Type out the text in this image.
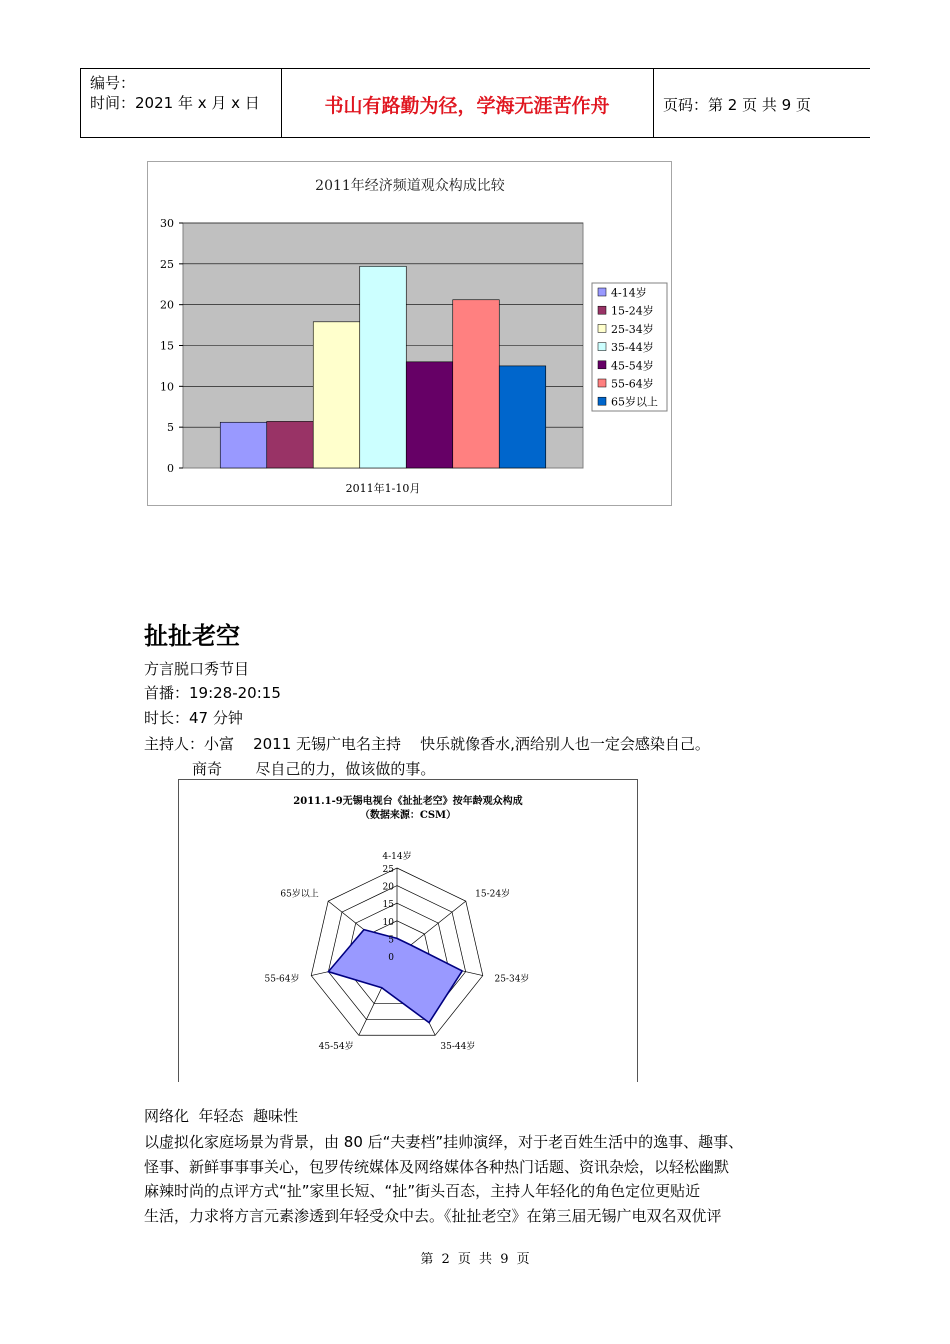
编号：
时间：2021 年 x 月 x 日	书山有路勤为径，学海无涯苦作舟	页码：第 2 页 共 9 页
2011年经济频道观众构成比较
0
5
10
15
20
25
30
2011年1-10月
4-14岁
15-24岁
25-34岁
35-44岁
45-54岁
55-64岁
65岁以上
2011.1-9无锡电视台《扯扯老空》按年龄观众构成
（数据来源：CSM）
0
5
10
15
20
25
4-14岁
15-24岁
25-34岁
35-44岁
45-54岁
55-64岁
65岁以上
扯扯老空
方言脱口秀节目
首播：19:28-20:15
时长：47 分钟
主持人：小富    2011 无锡广电名主持    快乐就像香水,洒给别人也一定会感染自己。
商奇       尽自己的力，做该做的事。
网络化  年轻态  趣味性
以虚拟化家庭场景为背景，由 80 后“夫妻档”挂帅演绎，对于老百姓生活中的逸事、趣事、
怪事、新鲜事事事关心，包罗传统媒体及网络媒体各种热门话题、资讯杂烩，以轻松幽默
麻辣时尚的点评方式“扯”家里长短、“扯”街头百态，主持人年轻化的角色定位更贴近
生活，力求将方言元素渗透到年轻受众中去。《扯扯老空》在第三届无锡广电双名双优评
第 2 页 共 9 页
